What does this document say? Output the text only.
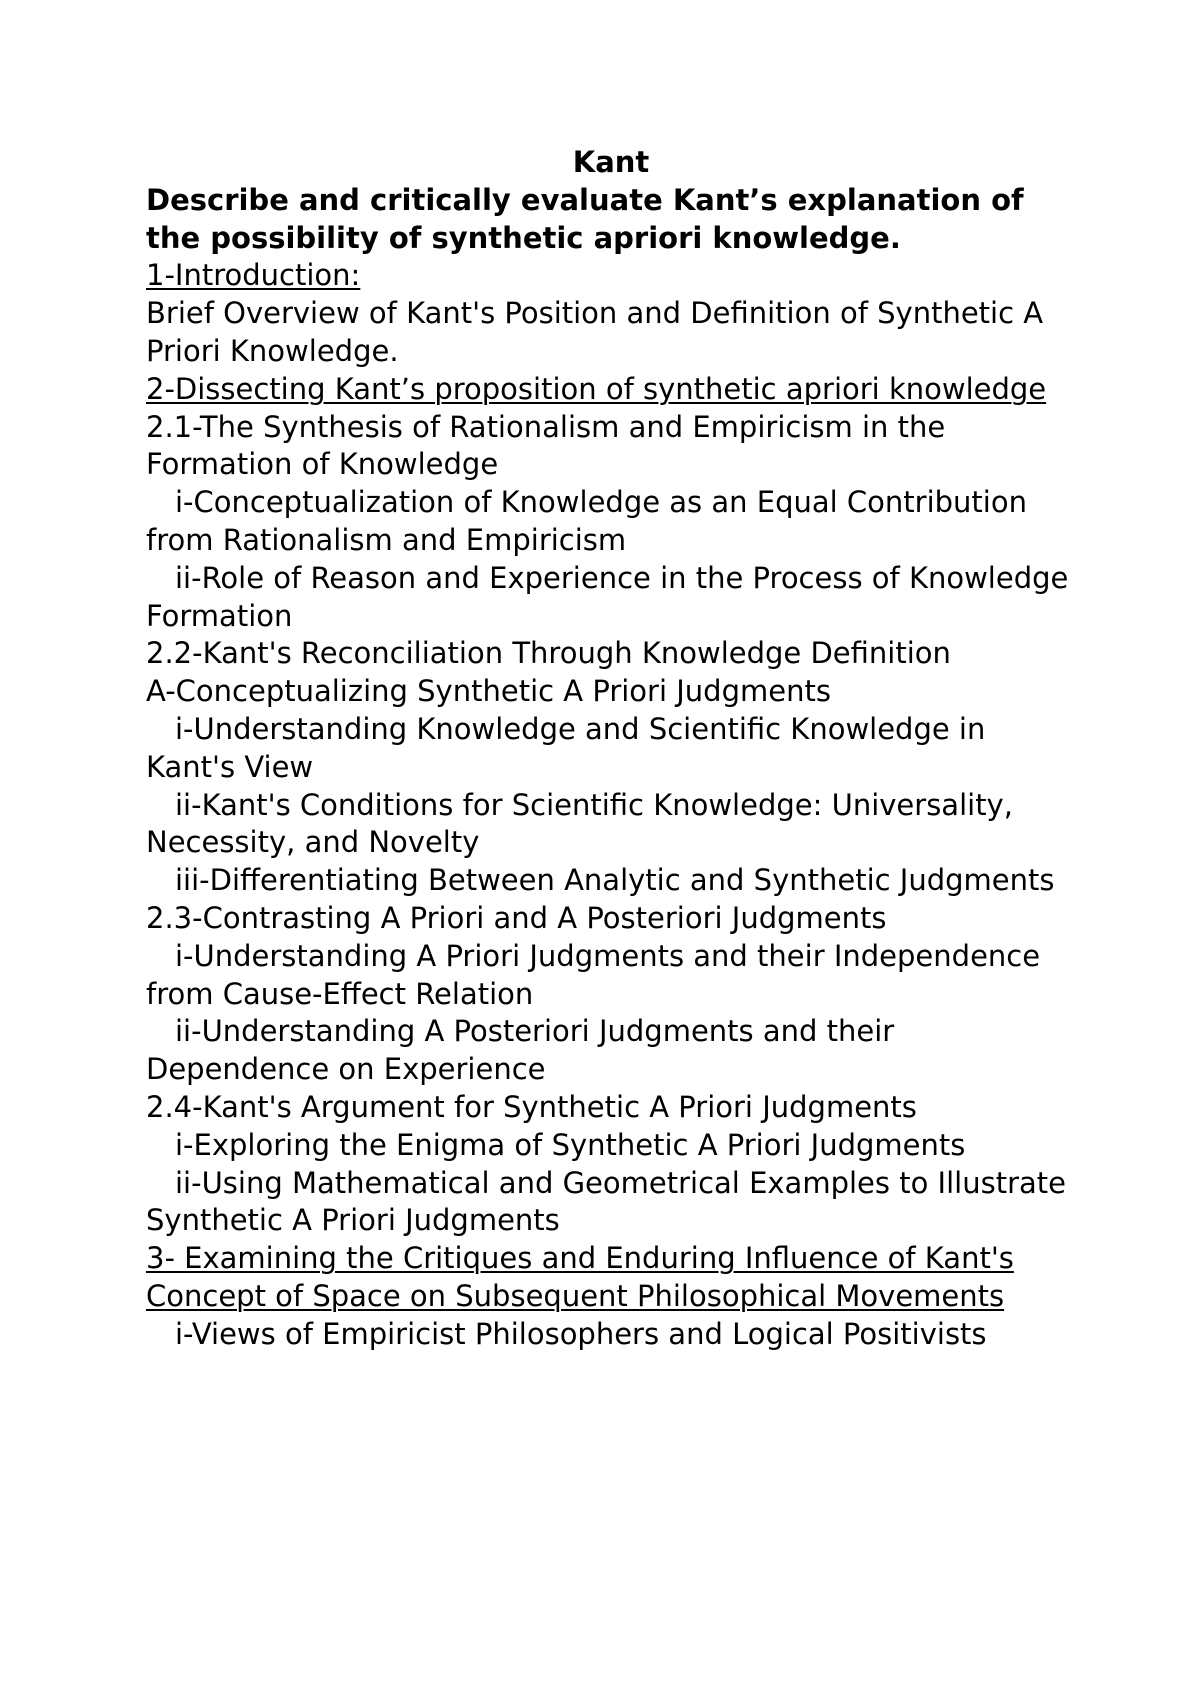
Kant

Describe and critically evaluate Kant’s explanation of the possibility of synthetic apriori knowledge.

1-Introduction:

Brief Overview of Kant's Position and Definition of Synthetic A Priori Knowledge.

2-Dissecting Kant’s proposition of synthetic apriori knowledge

2.1-The Synthesis of Rationalism and Empiricism in the Formation of Knowledge

i-Conceptualization of Knowledge as an Equal Contribution from Rationalism and Empiricism

ii-Role of Reason and Experience in the Process of Knowledge Formation

2.2-Kant's Reconciliation Through Knowledge Definition

A-Conceptualizing Synthetic A Priori Judgments

i-Understanding Knowledge and Scientific Knowledge in Kant's View

ii-Kant's Conditions for Scientific Knowledge: Universality, Necessity, and Novelty

iii-Differentiating Between Analytic and Synthetic Judgments

2.3-Contrasting A Priori and A Posteriori Judgments

i-Understanding A Priori Judgments and their Independence from Cause-Effect Relation

ii-Understanding A Posteriori Judgments and their Dependence on Experience

2.4-Kant's Argument for Synthetic A Priori Judgments

i-Exploring the Enigma of Synthetic A Priori Judgments

ii-Using Mathematical and Geometrical Examples to Illustrate Synthetic A Priori Judgments

3- Examining the Critiques and Enduring Influence of Kant's Concept of Space on Subsequent Philosophical Movements

i-Views of Empiricist Philosophers and Logical Positivists
